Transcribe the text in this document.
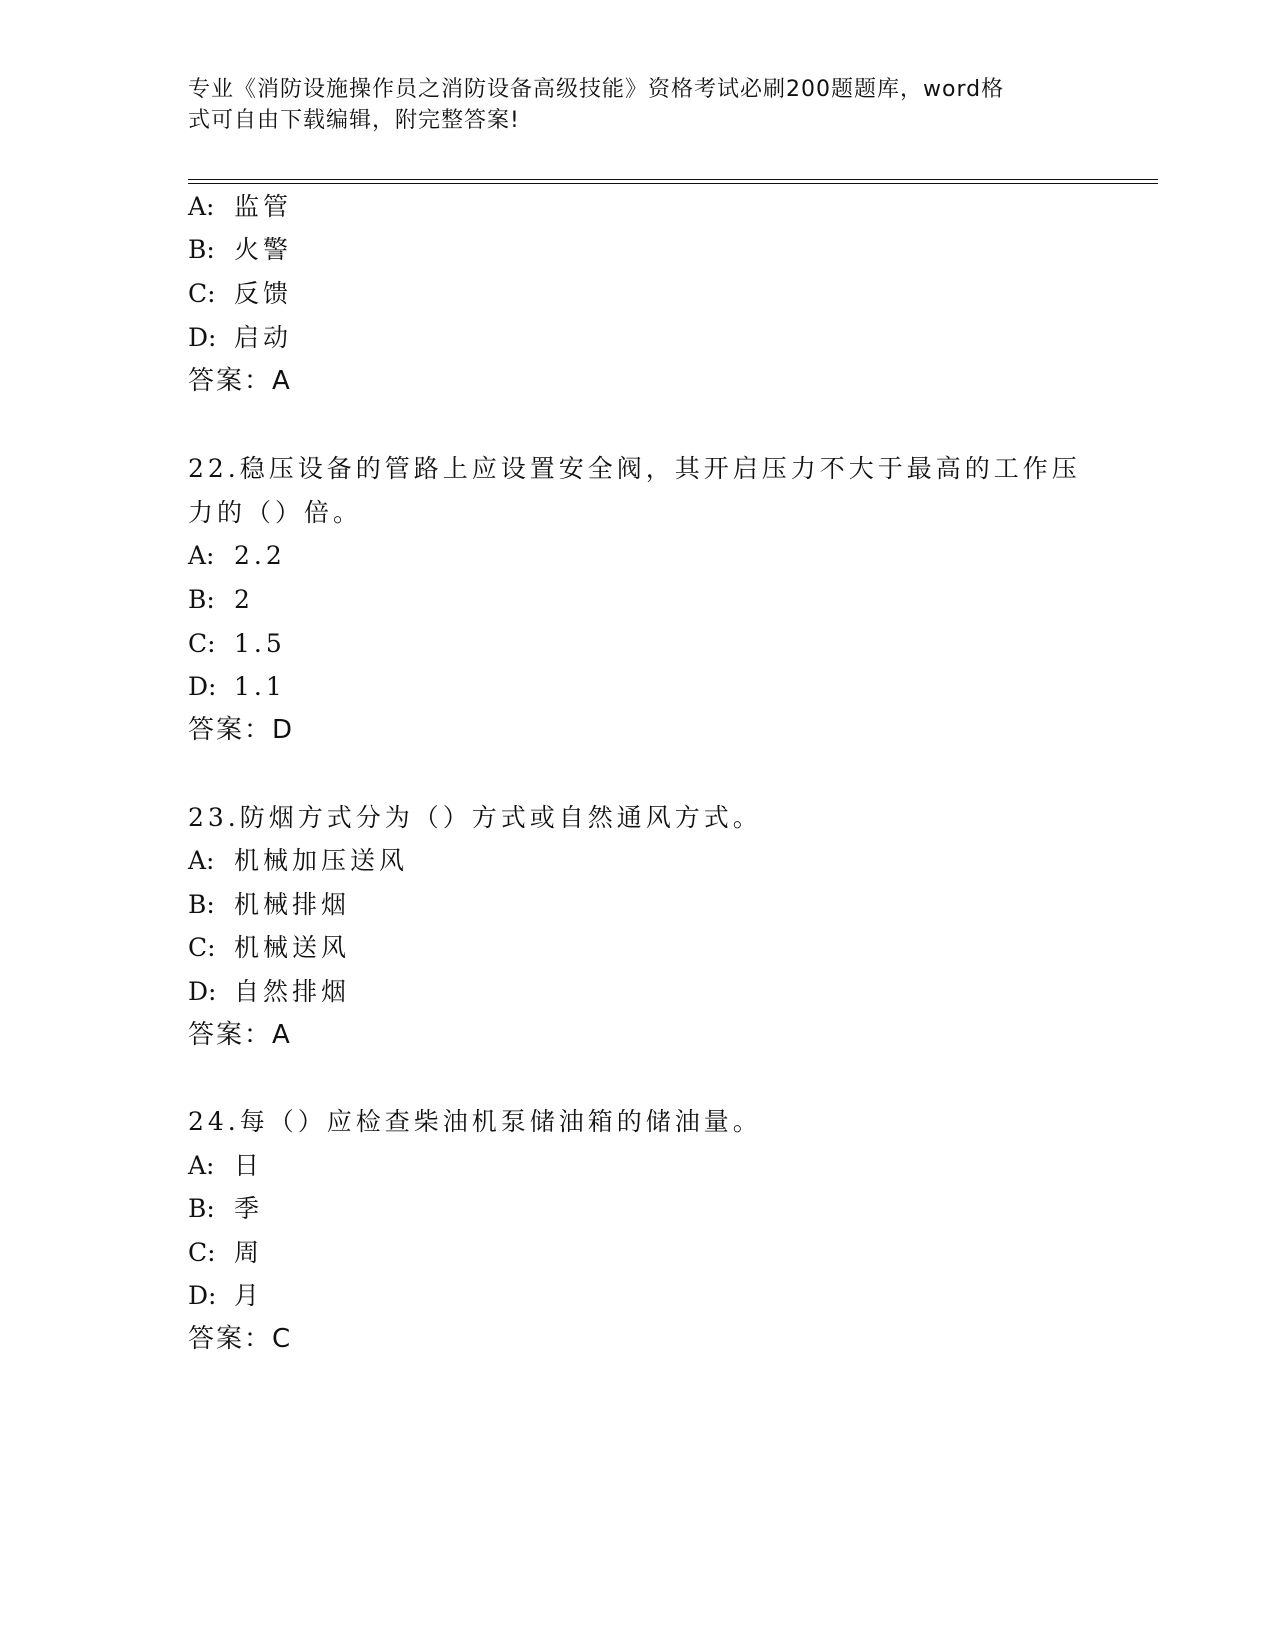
专业《消防设施操作员之消防设备高级技能》资格考试必刷200题题库，word格
式可自由下载编辑，附完整答案!
A: 监管
B: 火警
C: 反馈
D: 启动
答案：A
22.稳压设备的管路上应设置安全阀，其开启压力不大于最高的工作压
力的（）倍。
A: 2.2
B: 2
C: 1.5
D: 1.1
答案：D
23.防烟方式分为（）方式或自然通风方式。
A: 机械加压送风
B: 机械排烟
C: 机械送风
D: 自然排烟
答案：A
24.每（）应检查柴油机泵储油箱的储油量。
A: 日
B: 季
C: 周
D: 月
答案：C
